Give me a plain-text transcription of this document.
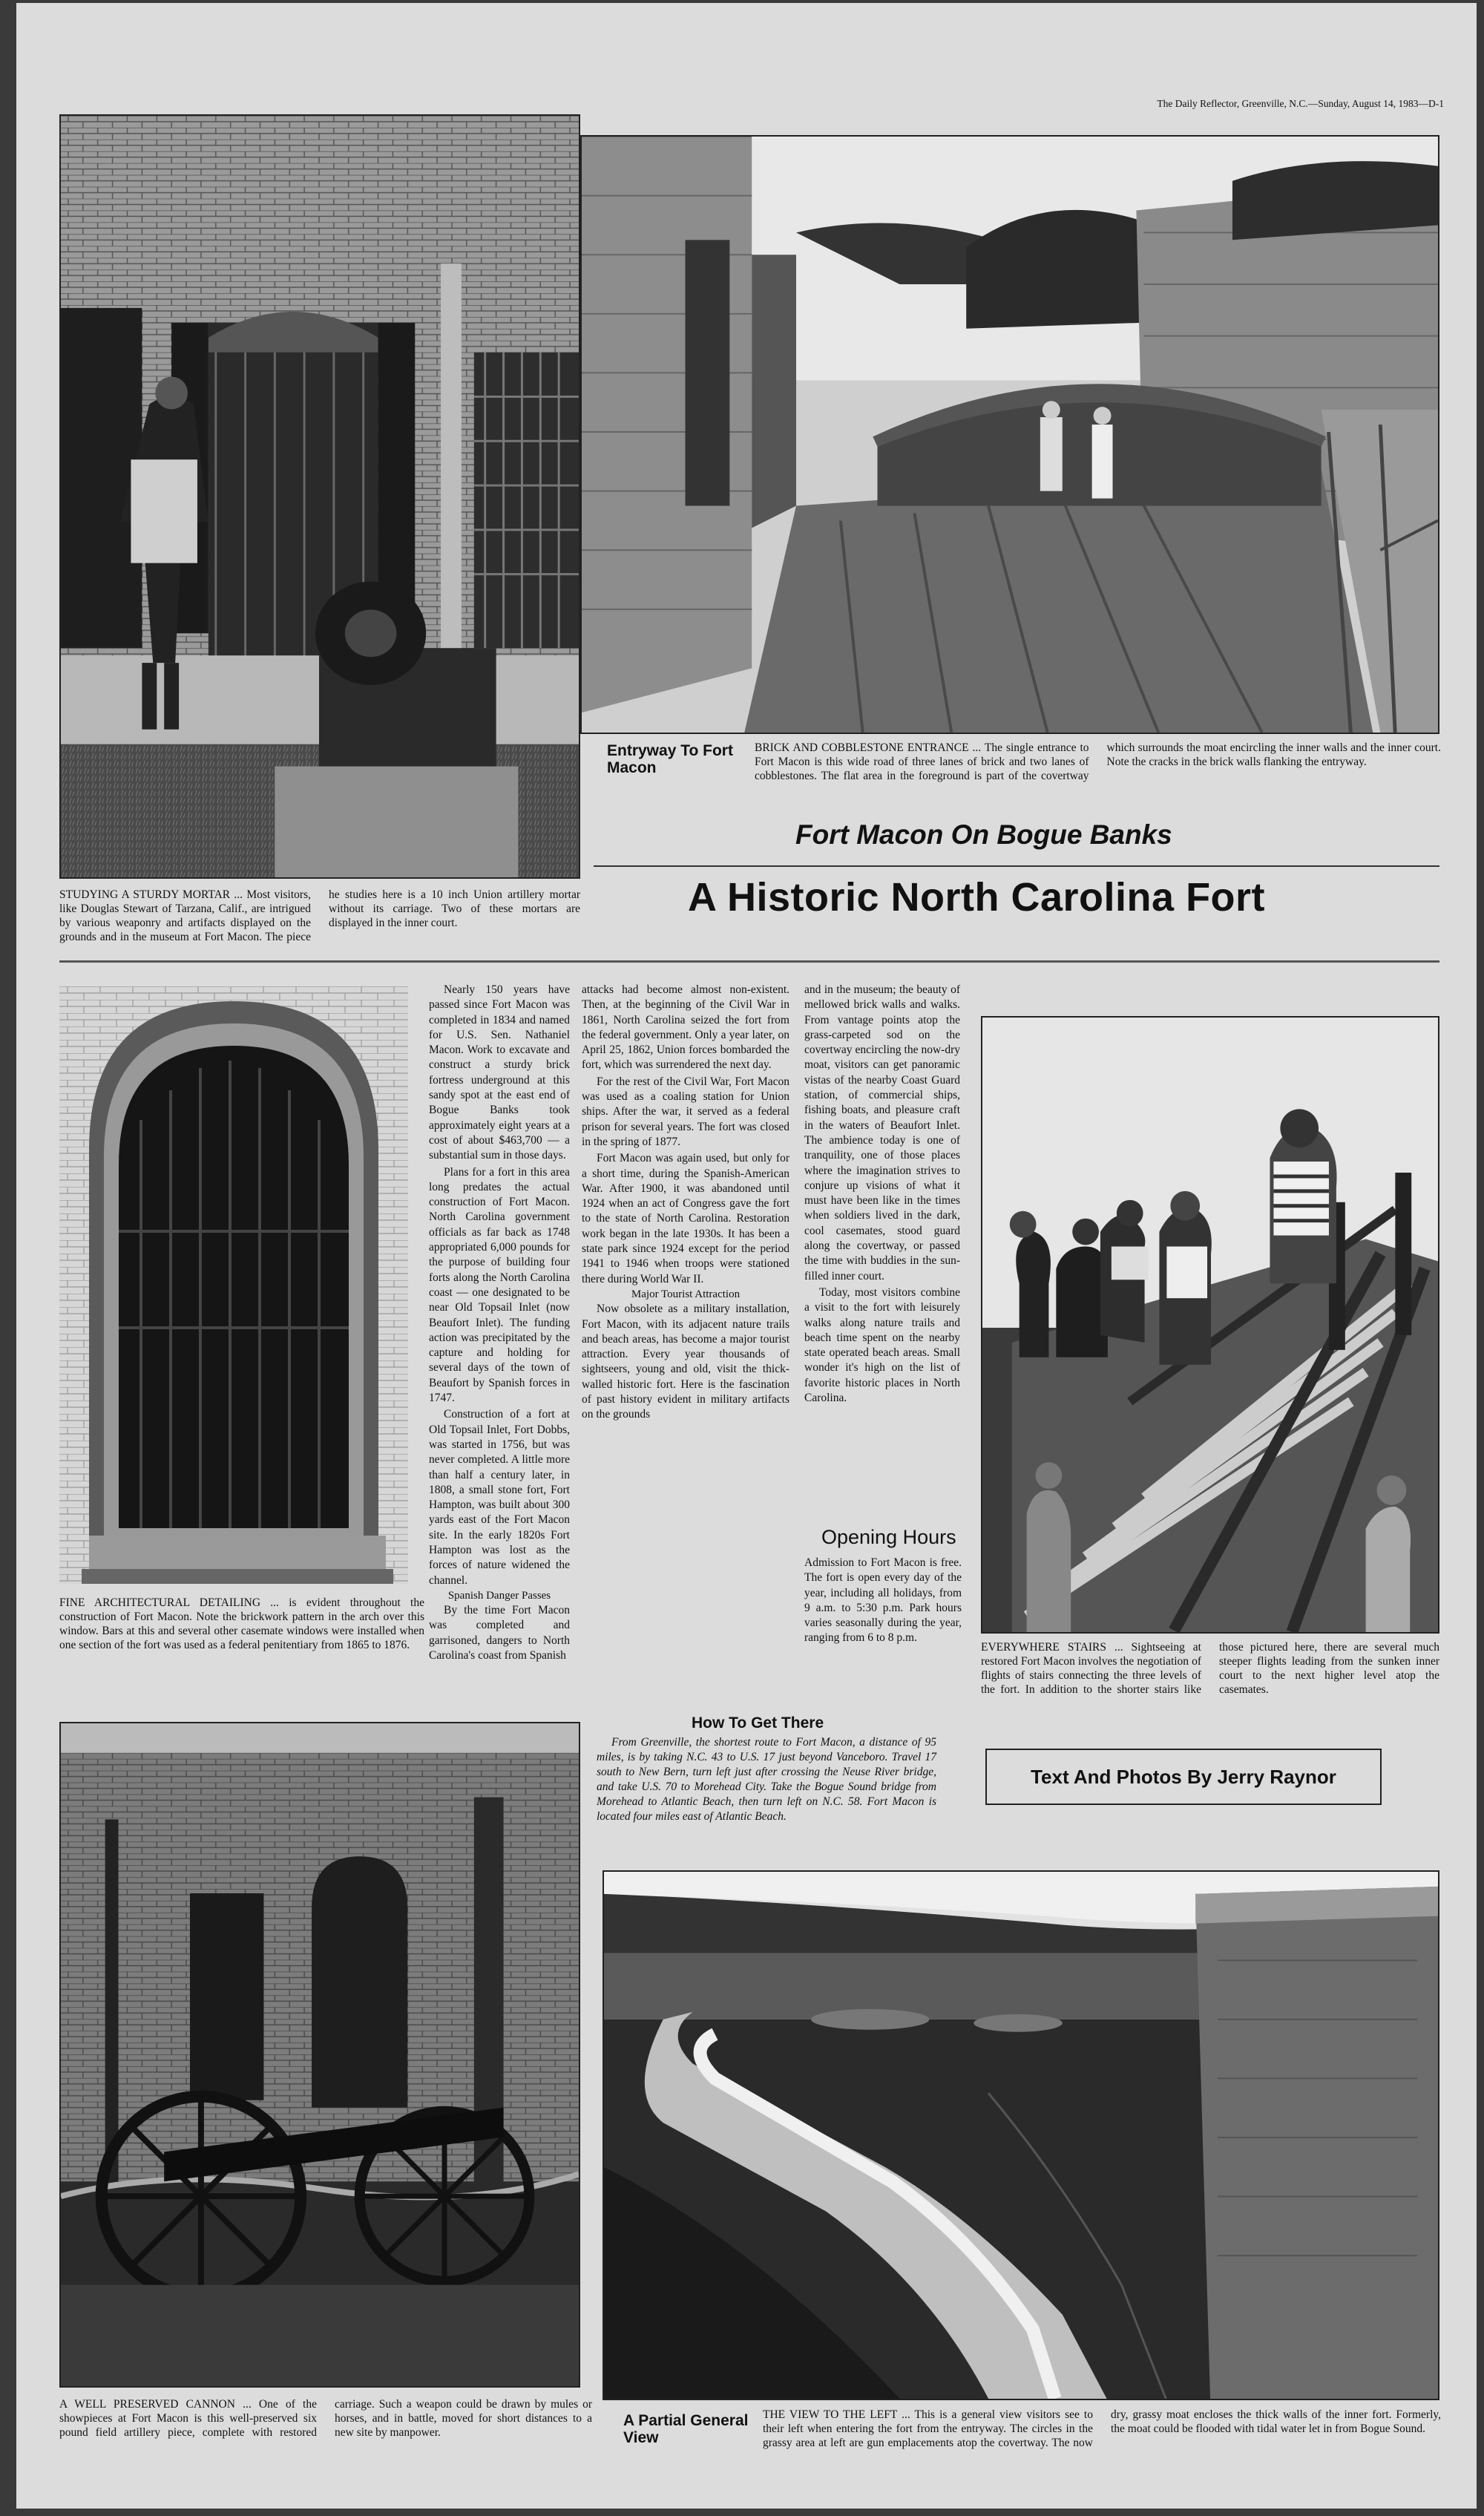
The Daily Reflector, Greenville, N.C.—Sunday, August 14, 1983—D-1
STUDYING A STURDY MORTAR ... Most visitors, like Douglas Stewart of Tarzana, Calif., are intrigued by various weaponry and artifacts displayed on the grounds and in the museum at Fort Macon. The piece he studies here is a 10 inch Union artillery mortar without its carriage. Two of these mortars are displayed in the inner court.
Entryway To Fort Macon
BRICK AND COBBLESTONE ENTRANCE ... The single entrance to Fort Macon is this wide road of three lanes of brick and two lanes of cobblestones. The flat area in the foreground is part of the covertway which surrounds the moat encircling the inner walls and the inner court. Note the cracks in the brick walls flanking the entryway.
Fort Macon On Bogue Banks
A Historic North Carolina Fort
FINE ARCHITECTURAL DETAILING ... is evident throughout the construction of Fort Macon. Note the brickwork pattern in the arch over this window. Bars at this and several other casemate windows were installed when one section of the fort was used as a federal penitentiary from 1865 to 1876.

Nearly 150 years have passed since Fort Macon was completed in 1834 and named for U.S. Sen. Nathaniel Macon. Work to excavate and construct a sturdy brick fortress underground at this sandy spot at the east end of Bogue Banks took approximately eight years at a cost of about $463,700 — a substantial sum in those days.

Plans for a fort in this area long predates the actual construction of Fort Macon. North Carolina government officials as far back as 1748 appropriated 6,000 pounds for the purpose of building four forts along the North Carolina coast — one designated to be near Old Topsail Inlet (now Beaufort Inlet). The funding action was precipitated by the capture and holding for several days of the town of Beaufort by Spanish forces in 1747.

Construction of a fort at Old Topsail Inlet, Fort Dobbs, was started in 1756, but was never completed. A little more than half a century later, in 1808, a small stone fort, Fort Hampton, was built about 300 yards east of the Fort Macon site. In the early 1820s Fort Hampton was lost as the forces of nature widened the channel.

Spanish Danger Passes

By the time Fort Macon was completed and garrisoned, dangers to North Carolina's coast from Spanish

attacks had become almost non-existent. Then, at the beginning of the Civil War in 1861, North Carolina seized the fort from the federal government. Only a year later, on April 25, 1862, Union forces bombarded the fort, which was surrendered the next day.

For the rest of the Civil War, Fort Macon was used as a coaling station for Union ships. After the war, it served as a federal prison for several years. The fort was closed in the spring of 1877.

Fort Macon was again used, but only for a short time, during the Spanish-American War. After 1900, it was abandoned until 1924 when an act of Congress gave the fort to the state of North Carolina. Restoration work began in the late 1930s. It has been a state park since 1924 except for the period 1941 to 1946 when troops were stationed there during World War II.

Major Tourist Attraction

Now obsolete as a military installation, Fort Macon, with its adjacent nature trails and beach areas, has become a major tourist attraction. Every year thousands of sightseers, young and old, visit the thick-walled historic fort. Here is the fascination of past history evident in military artifacts on the grounds

and in the museum; the beauty of mellowed brick walls and walks. From vantage points atop the grass-carpeted sod on the covertway encircling the now-dry moat, visitors can get panoramic vistas of the nearby Coast Guard station, of commercial ships, fishing boats, and pleasure craft in the waters of Beaufort Inlet. The ambience today is one of tranquility, one of those places where the imagination strives to conjure up visions of what it must have been like in the times when soldiers lived in the dark, cool casemates, stood guard along the covertway, or passed the time with buddies in the sun-filled inner court.

Today, most visitors combine a visit to the fort with leisurely walks along nature trails and beach time spent on the nearby state operated beach areas. Small wonder it's high on the list of favorite historic places in North Carolina.

Opening Hours
Admission to Fort Macon is free. The fort is open every day of the year, including all holidays, from 9 a.m. to 5:30 p.m. Park hours varies seasonally during the year, ranging from 6 to 8 p.m.
EVERYWHERE STAIRS ... Sightseeing at restored Fort Macon involves the negotiation of flights of stairs connecting the three levels of the fort. In addition to the shorter stairs like those pictured here, there are several much steeper flights leading from the sunken inner court to the next higher level atop the casemates.
A WELL PRESERVED CANNON ... One of the showpieces at Fort Macon is this well-preserved six pound field artillery piece, complete with restored carriage. Such a weapon could be drawn by mules or horses, and in battle, moved for short distances to a new site by manpower.
How To Get There
From Greenville, the shortest route to Fort Macon, a distance of 95 miles, is by taking N.C. 43 to U.S. 17 just beyond Vanceboro. Travel 17 south to New Bern, turn left just after crossing the Neuse River bridge, and take U.S. 70 to Morehead City. Take the Bogue Sound bridge from Morehead to Atlantic Beach, then turn left on N.C. 58. Fort Macon is located four miles east of Atlantic Beach.
Text And Photos By Jerry Raynor
A Partial General View
THE VIEW TO THE LEFT ... This is a general view visitors see to their left when entering the fort from the entryway. The circles in the grassy area at left are gun emplacements atop the covertway. The now dry, grassy moat encloses the thick walls of the inner fort. Formerly, the moat could be flooded with tidal water let in from Bogue Sound.
